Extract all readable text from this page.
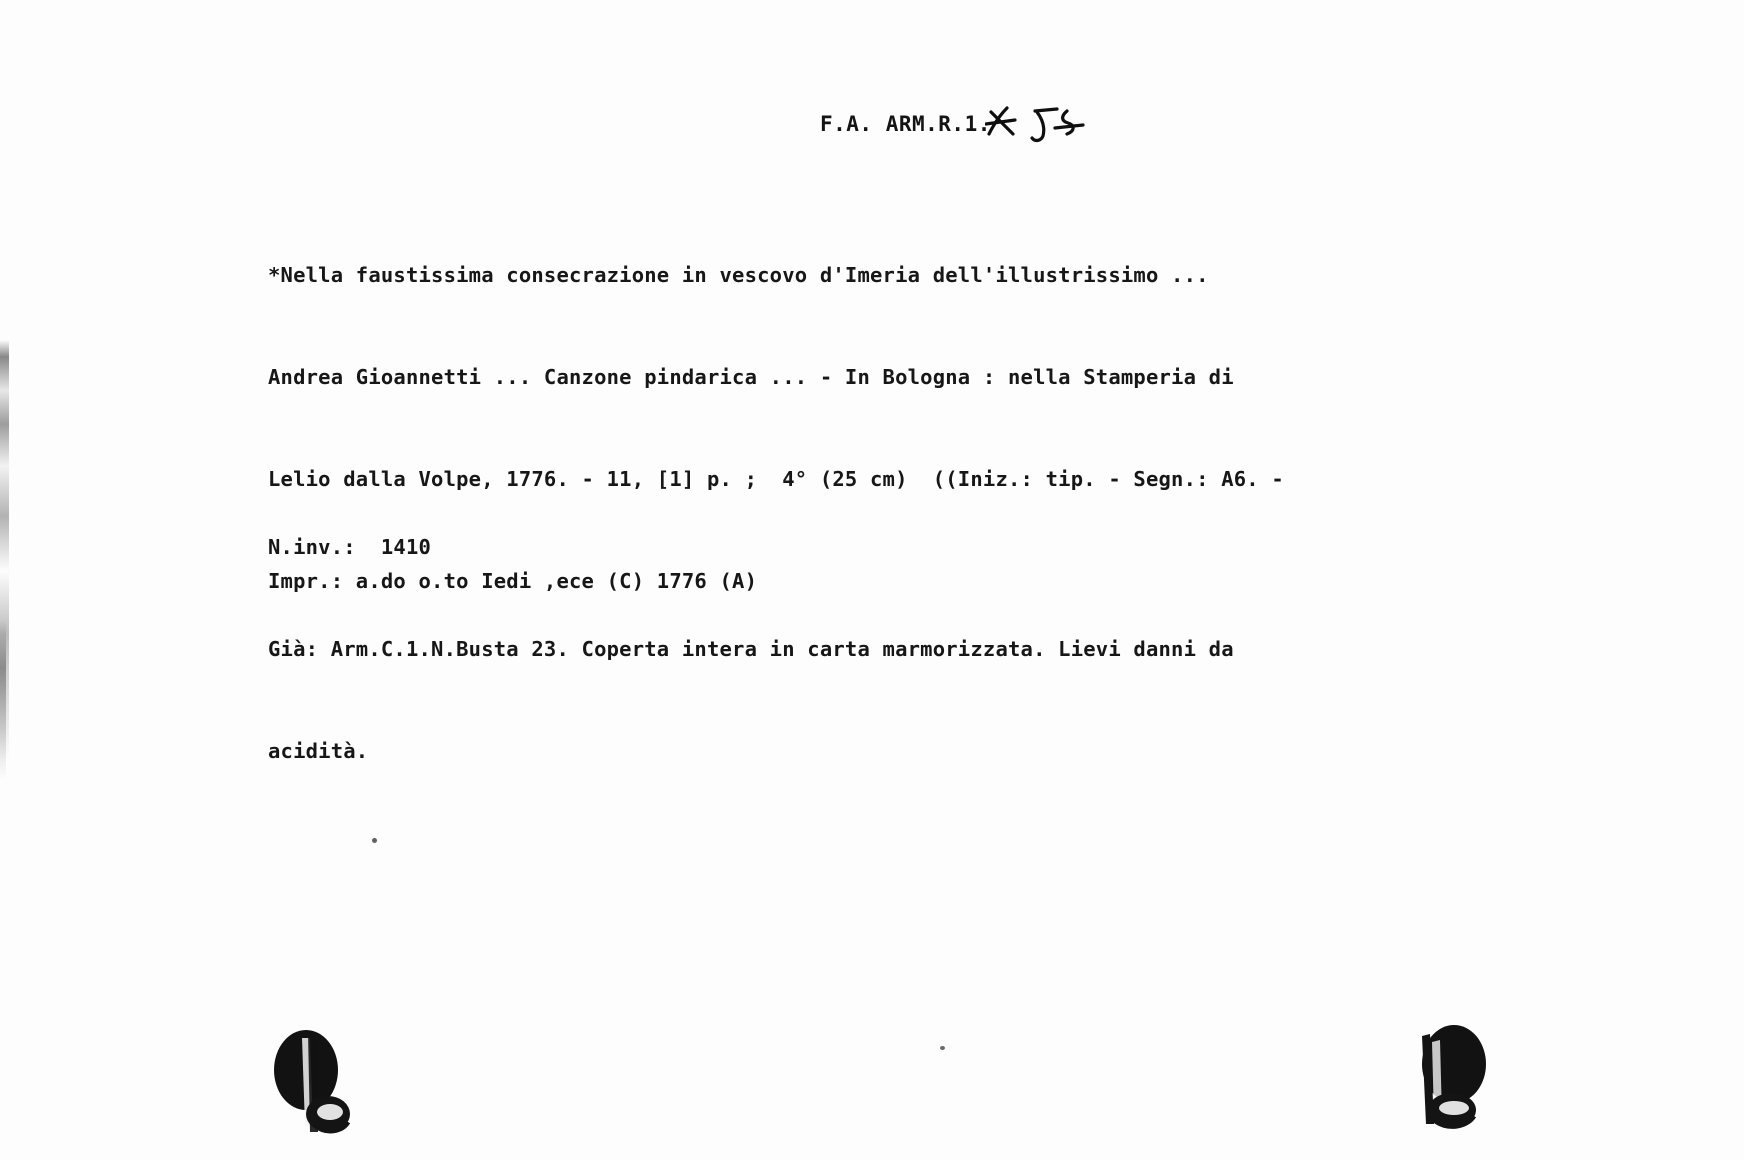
F.A. ARM.R.1.

*Nella faustissima consecrazione in vescovo d'Imeria dell'illustrissimo ...

Andrea Gioannetti ... Canzone pindarica ... - In Bologna : nella Stamperia di

Lelio dalla Volpe, 1776. - 11, [1] p. ;  4° (25 cm)  ((Iniz.: tip. - Segn.: A6. -

Impr.: a.do o.to Iedi ,ece (C) 1776 (A)

N.inv.:  1410

Già: Arm.C.1.N.Busta 23. Coperta intera in carta marmorizzata. Lievi danni da

acidità.
